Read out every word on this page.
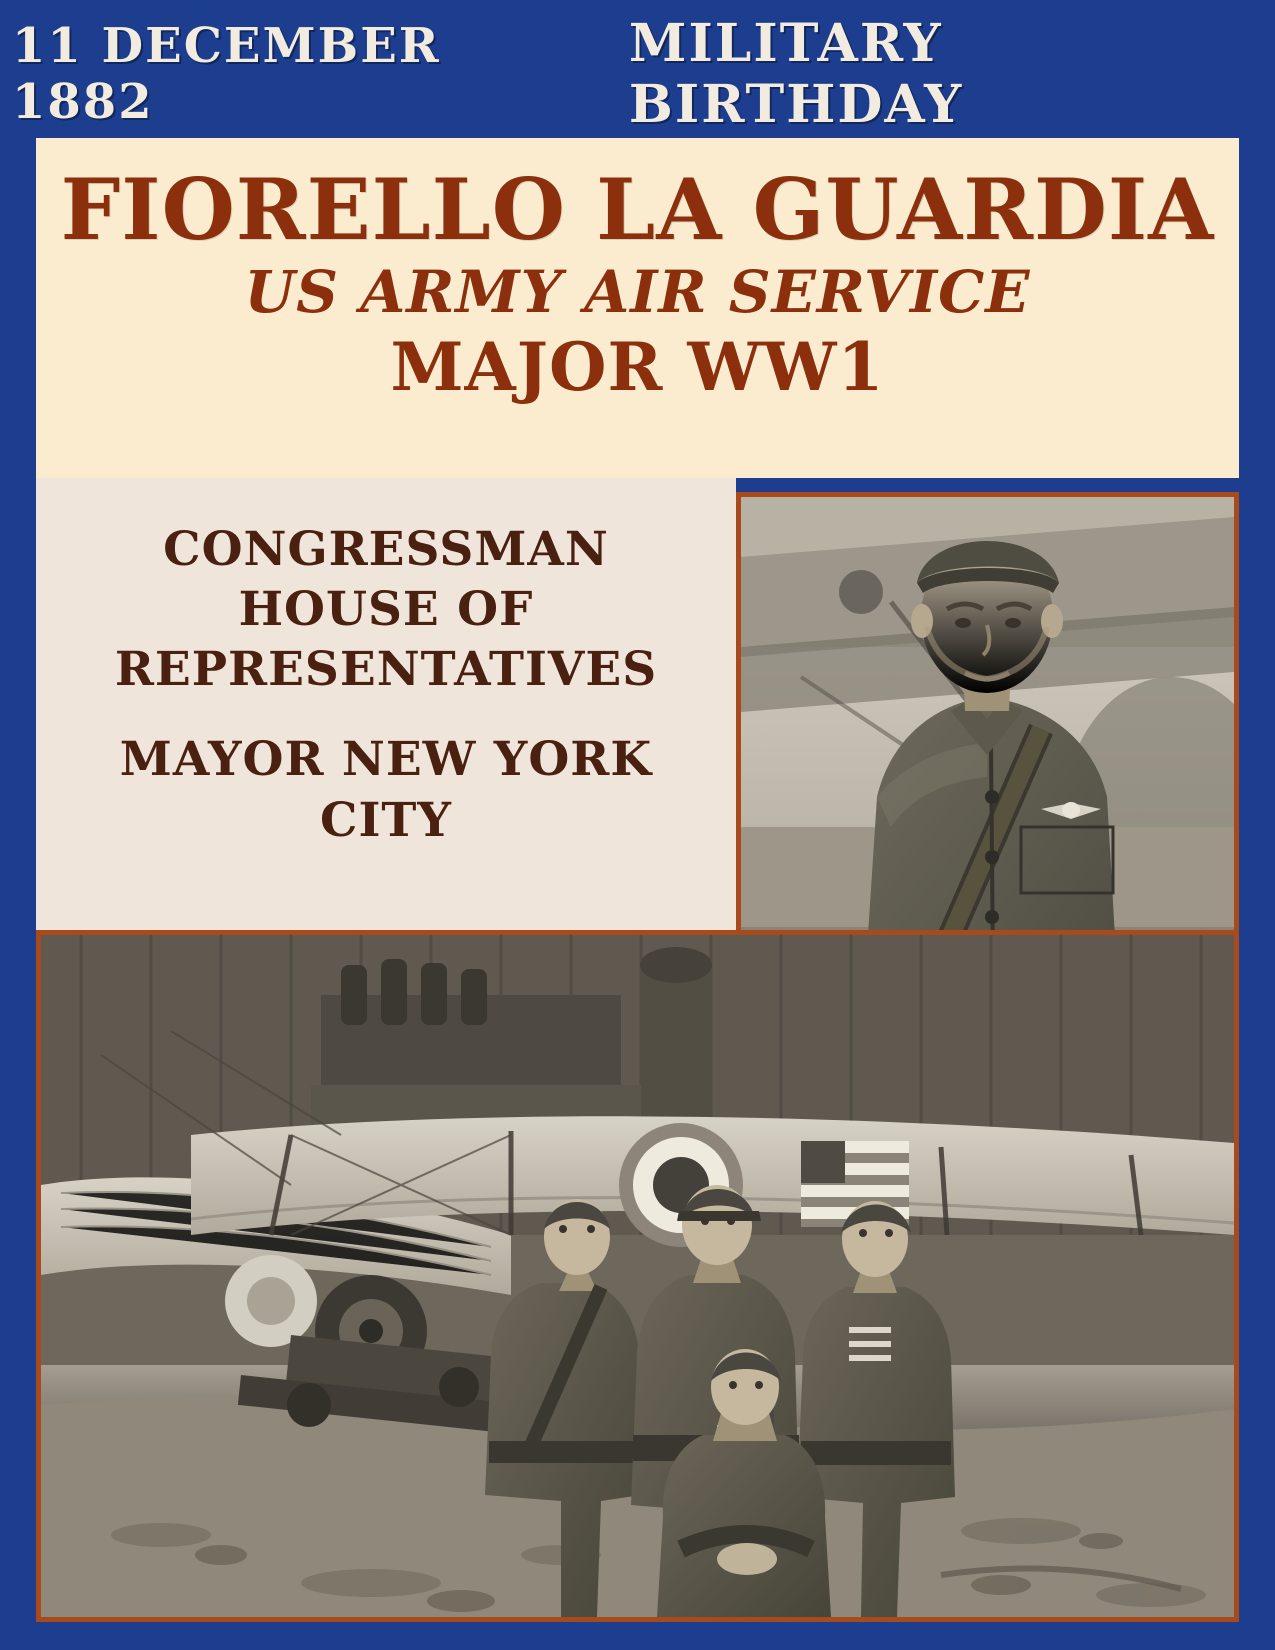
11 DECEMBER 1882
MILITARY BIRTHDAY
FIORELLO LA GUARDIA
US ARMY AIR SERVICE
MAJOR WW1
CONGRESSMAN
HOUSE OF
REPRESENTATIVES
MAYOR NEW YORK CITY
